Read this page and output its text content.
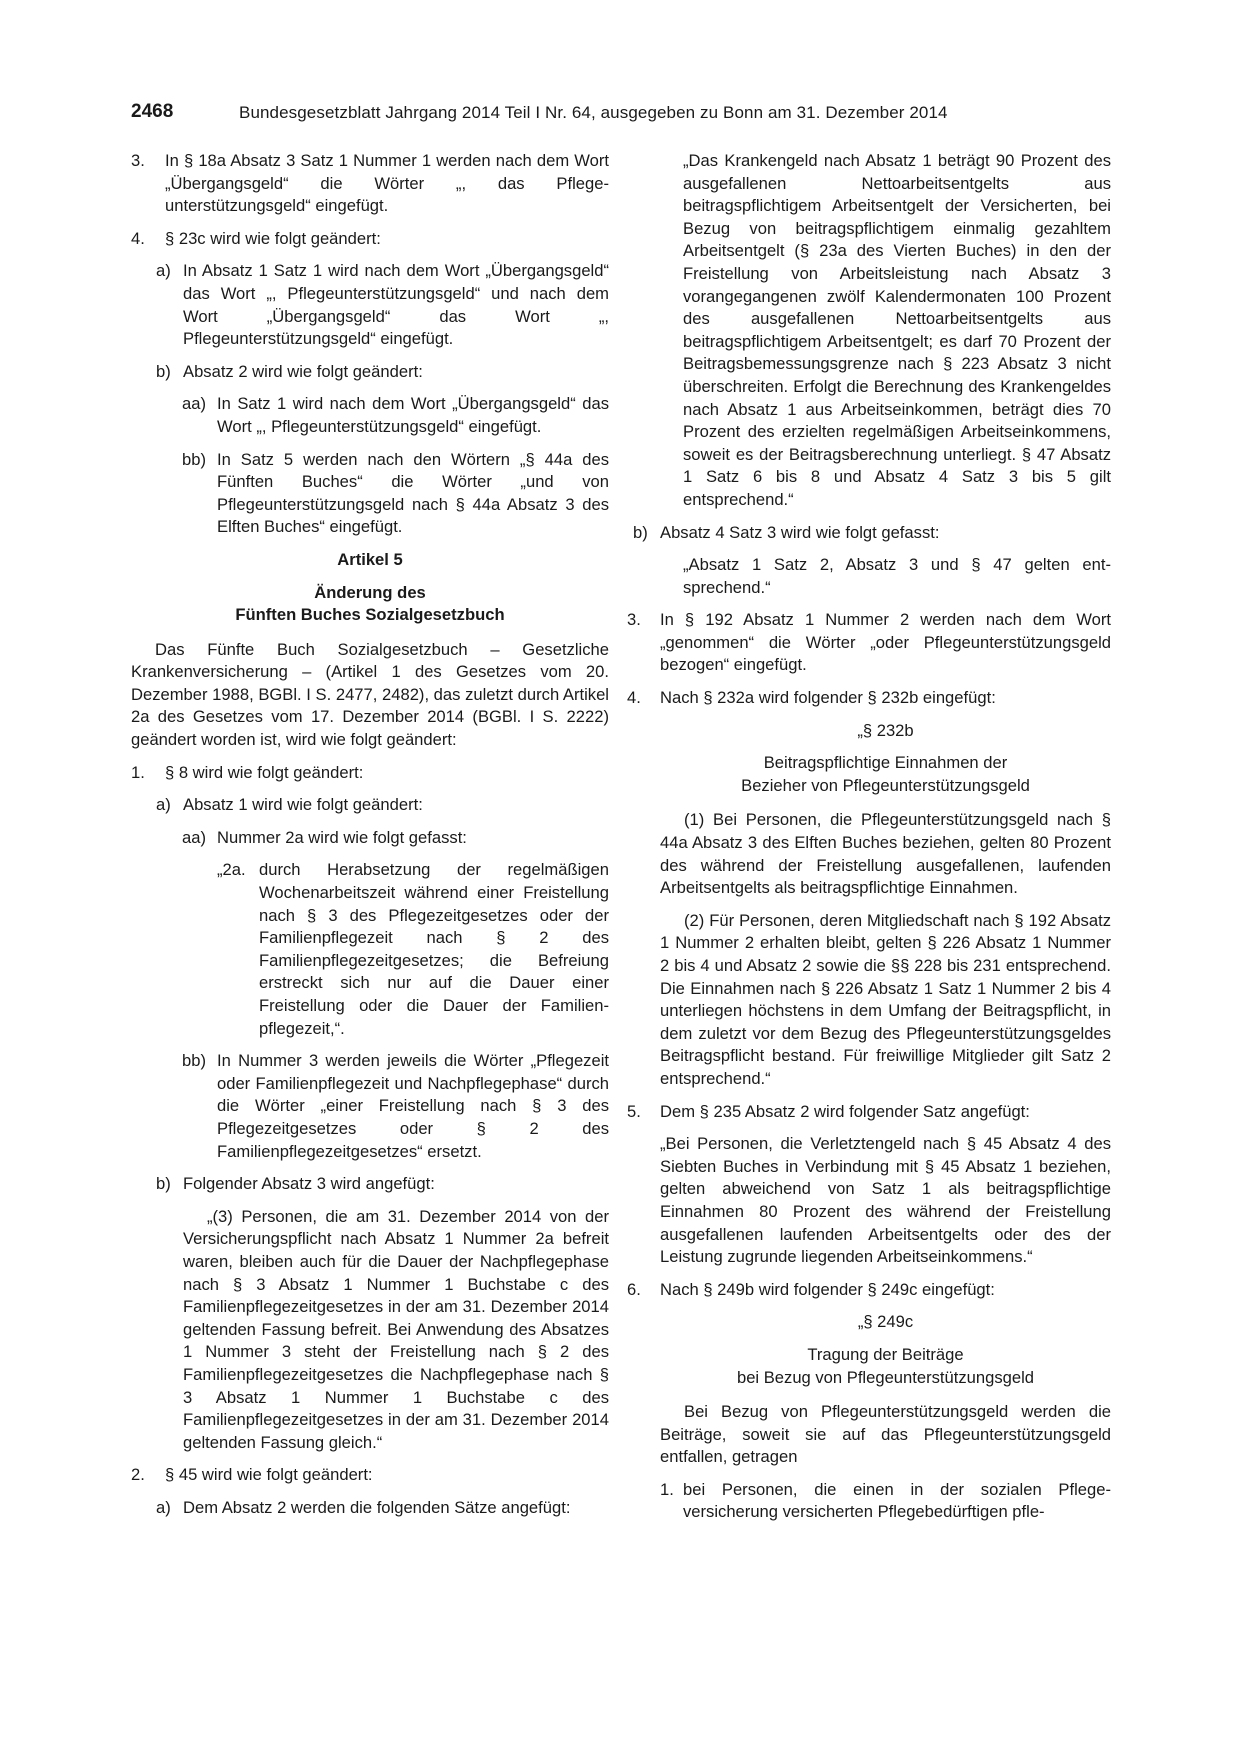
2468	Bundesgesetzblatt Jahrgang 2014 Teil I Nr. 64, ausgegeben zu Bonn am 31. Dezember 2014
3. In § 18a Absatz 3 Satz 1 Nummer 1 werden nach dem Wort „Übergangsgeld“ die Wörter „, das Pflegeunterstützungsgeld“ eingefügt.
4. § 23c wird wie folgt geändert:
a) In Absatz 1 Satz 1 wird nach dem Wort „Übergangsgeld“ das Wort „, Pflegeunterstützungsgeld“ und nach dem Wort „Übergangsgeld“ das Wort „, Pflegeunterstützungsgeld“ eingefügt.
b) Absatz 2 wird wie folgt geändert:
aa) In Satz 1 wird nach dem Wort „Übergangsgeld“ das Wort „, Pflegeunterstützungsgeld“ eingefügt.
bb) In Satz 5 werden nach den Wörtern „§ 44a des Fünften Buches“ die Wörter „und von Pflegeunterstützungsgeld nach § 44a Absatz 3 des Elften Buches“ eingefügt.

Artikel 5

Änderung des

Fünften Buches Sozialgesetzbuch

Das Fünfte Buch Sozialgesetzbuch – Gesetzliche Krankenversicherung – (Artikel 1 des Gesetzes vom 20. Dezember 1988, BGBl. I S. 2477, 2482), das zuletzt durch Artikel 2a des Gesetzes vom 17. Dezember 2014 (BGBl. I S. 2222) geändert worden ist, wird wie folgt geändert:

1. § 8 wird wie folgt geändert:
a) Absatz 1 wird wie folgt geändert:
aa) Nummer 2a wird wie folgt gefasst:
„2a. durch Herabsetzung der regelmäßigen Wochenarbeitszeit während einer Freistellung nach § 3 des Pflegezeitgesetzes oder der Familienpflegezeit nach § 2 des Familienpflegezeitgesetzes; die Befreiung erstreckt sich nur auf die Dauer einer Freistellung oder die Dauer der Familienpflegezeit,“.
bb) In Nummer 3 werden jeweils die Wörter „Pflegezeit oder Familienpflegezeit und Nachpflegephase“ durch die Wörter „einer Freistellung nach § 3 des Pflegezeitgesetzes oder § 2 des Familienpflegezeitgesetzes“ ersetzt.
b) Folgender Absatz 3 wird angefügt:

„(3) Personen, die am 31. Dezember 2014 von der Versicherungspflicht nach Absatz 1 Nummer 2a befreit waren, bleiben auch für die Dauer der Nachpflegephase nach § 3 Absatz 1 Nummer 1 Buchstabe c des Familienpflegezeitgesetzes in der am 31. Dezember 2014 geltenden Fassung befreit. Bei Anwendung des Absatzes 1 Nummer 3 steht der Freistellung nach § 2 des Familienpflegezeitgesetzes die Nachpflegephase nach § 3 Absatz 1 Nummer 1 Buchstabe c des Familienpflegezeitgesetzes in der am 31. Dezember 2014 geltenden Fassung gleich.“

2. § 45 wird wie folgt geändert:
a) Dem Absatz 2 werden die folgenden Sätze angefügt:

„Das Krankengeld nach Absatz 1 beträgt 90 Prozent des ausgefallenen Nettoarbeitsentgelts aus beitragspflichtigem Arbeitsentgelt der Versicherten, bei Bezug von beitragspflichtigem einmalig gezahltem Arbeitsentgelt (§ 23a des Vierten Buches) in den der Freistellung von Arbeitsleistung nach Absatz 3 vorangegangenen zwölf Kalendermonaten 100 Prozent des ausgefallenen Nettoarbeitsentgelts aus beitragspflichtigem Arbeitsentgelt; es darf 70 Prozent der Beitragsbemessungsgrenze nach § 223 Absatz 3 nicht überschreiten. Erfolgt die Berechnung des Krankengeldes nach Absatz 1 aus Arbeitseinkommen, beträgt dies 70 Prozent des erzielten regelmäßigen Arbeitseinkommens, soweit es der Beitragsberechnung unterliegt. § 47 Absatz 1 Satz 6 bis 8 und Absatz 4 Satz 3 bis 5 gilt entsprechend.“

b) Absatz 4 Satz 3 wird wie folgt gefasst:

„Absatz 1 Satz 2, Absatz 3 und § 47 gelten entsprechend.“

3. In § 192 Absatz 1 Nummer 2 werden nach dem Wort „genommen“ die Wörter „oder Pflegeunterstützungsgeld bezogen“ eingefügt.
4. Nach § 232a wird folgender § 232b eingefügt:

„§ 232b

Beitragspflichtige Einnahmen der

Bezieher von Pflegeunterstützungsgeld

(1) Bei Personen, die Pflegeunterstützungsgeld nach § 44a Absatz 3 des Elften Buches beziehen, gelten 80 Prozent des während der Freistellung ausgefallenen, laufenden Arbeitsentgelts als beitragspflichtige Einnahmen.

(2) Für Personen, deren Mitgliedschaft nach § 192 Absatz 1 Nummer 2 erhalten bleibt, gelten § 226 Absatz 1 Nummer 2 bis 4 und Absatz 2 sowie die §§ 228 bis 231 entsprechend. Die Einnahmen nach § 226 Absatz 1 Satz 1 Nummer 2 bis 4 unterliegen höchstens in dem Umfang der Beitragspflicht, in dem zuletzt vor dem Bezug des Pflegeunterstützungsgeldes Beitragspflicht bestand. Für freiwillige Mitglieder gilt Satz 2 entsprechend.“

5. Dem § 235 Absatz 2 wird folgender Satz angefügt:

„Bei Personen, die Verletztengeld nach § 45 Absatz 4 des Siebten Buches in Verbindung mit § 45 Absatz 1 beziehen, gelten abweichend von Satz 1 als beitragspflichtige Einnahmen 80 Prozent des während der Freistellung ausgefallenen laufenden Arbeitsentgelts oder des der Leistung zugrunde liegenden Arbeitseinkommens.“

6. Nach § 249b wird folgender § 249c eingefügt:

„§ 249c

Tragung der Beiträge

bei Bezug von Pflegeunterstützungsgeld

Bei Bezug von Pflegeunterstützungsgeld werden die Beiträge, soweit sie auf das Pflegeunterstützungsgeld entfallen, getragen

1. bei Personen, die einen in der sozialen Pflegeversicherung versicherten Pflegebedürftigen pfle-
